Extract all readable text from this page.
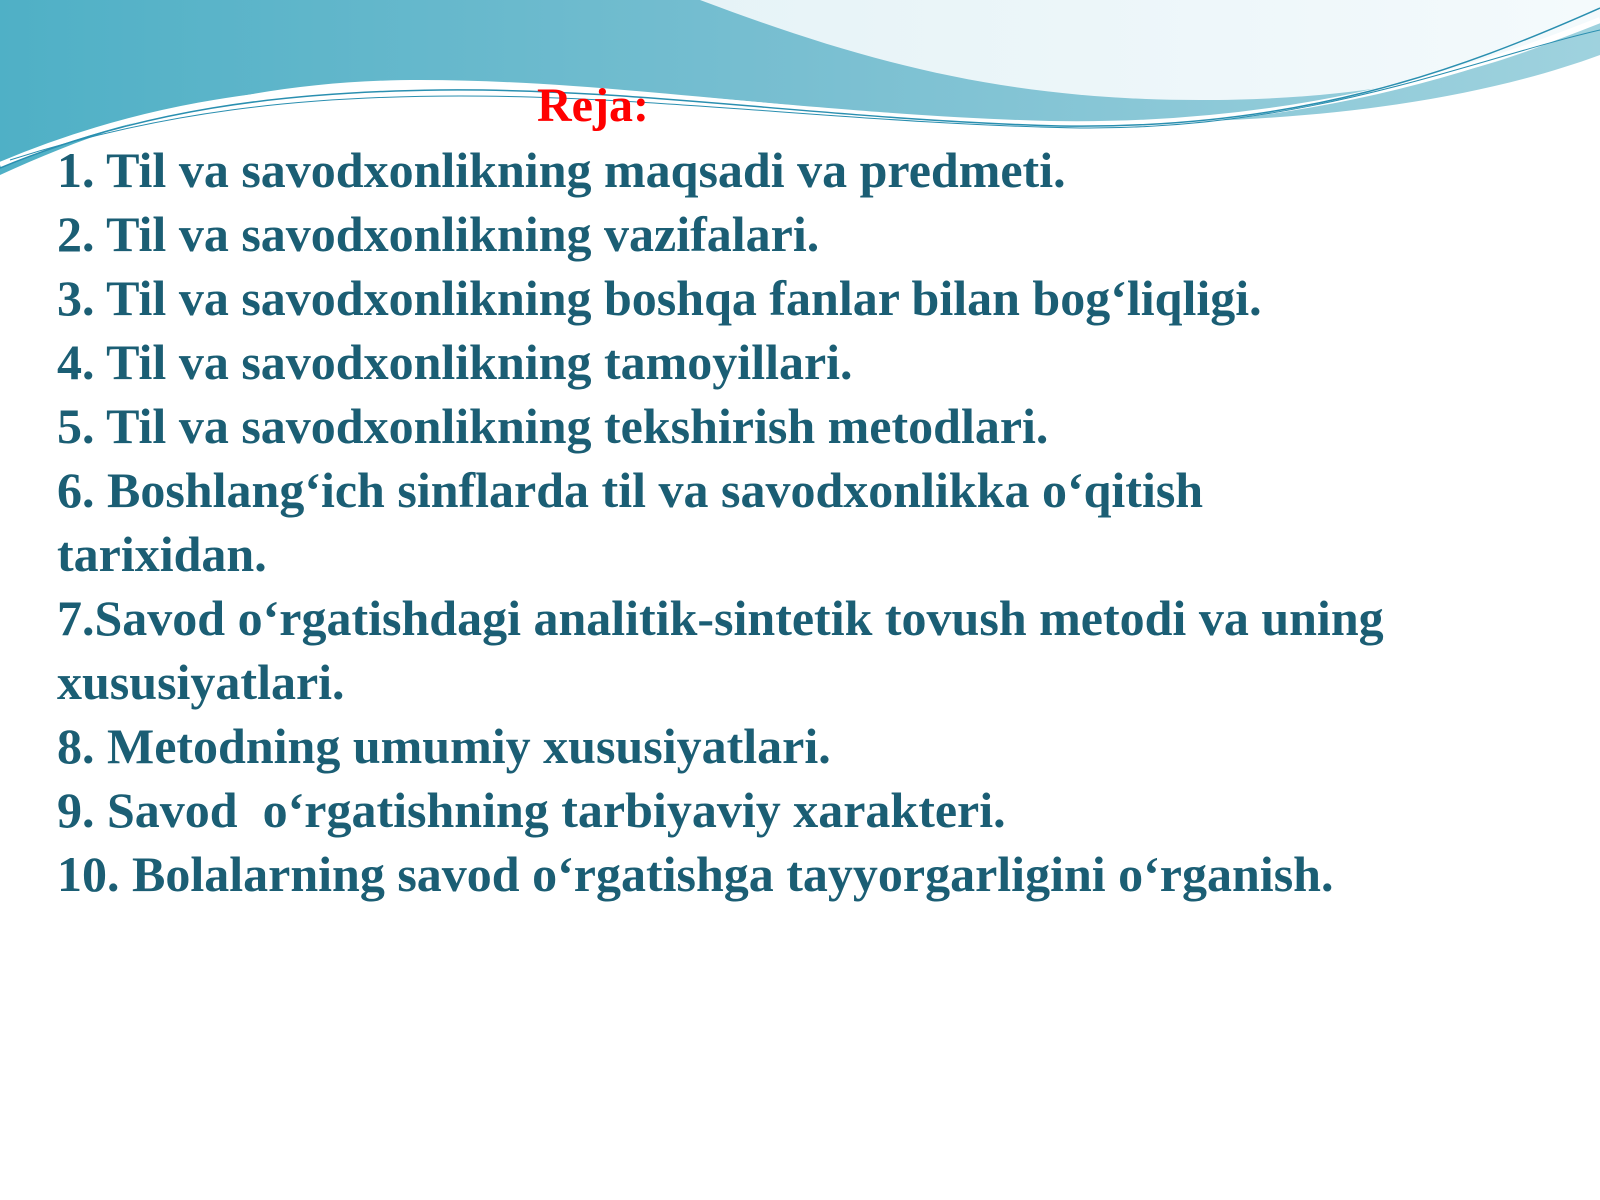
Reja:
1. Til va savodxonlikning maqsadi va predmeti.
2. Til va savodxonlikning vazifalari.
3. Til va savodxonlikning boshqa fanlar bilan bog‘liqligi.
4. Til va savodxonlikning tamoyillari.
5. Til va savodxonlikning tekshirish metodlari.
6. Boshlang‘ich sinflarda til va savodxonlikka o‘qitish tarixidan.
7.Savod o‘rgatishdagi analitik-sintetik tovush metodi va uning xususiyatlari.
8. Metodning umumiy xususiyatlari.
9. Savod  o‘rgatishning tarbiyaviy xarakteri.
10. Bolalarning savod o‘rgatishga tayyorgarligini o‘rganish.
